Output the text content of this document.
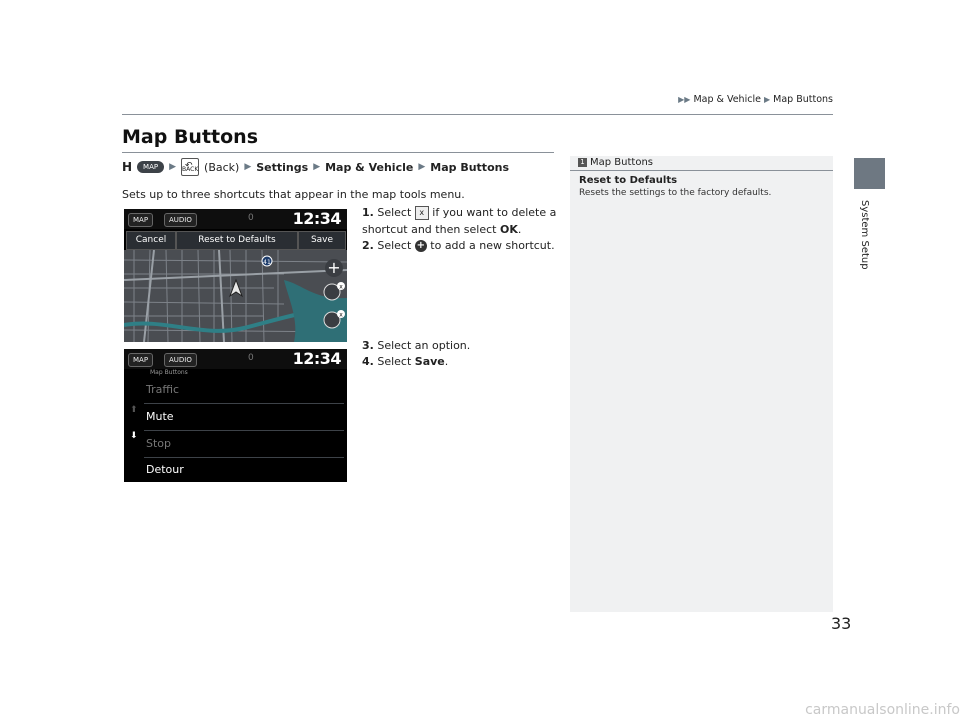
▶▶ Map & Vehicle ▶ Map Buttons
System Setup
Map Buttons
H	MAP	▶
↶ BACK (Back) ▶ Settings ▶ Map & Vehicle ▶ Map Buttons
Sets up to three shortcuts that appear in the map tools menu.
MAP	AUDIO	0 12:34
Cancel	Reset to Defaults	Save
41	+
x
x
MAP	AUDIO	0 12:34
Map Buttons
⬆
⬇
Traffic
Mute
Stop
Detour
1. Select x if you want to delete a shortcut and then select OK.
2. Select + to add a new shortcut.
3. Select an option.
4. Select Save.
1 Map Buttons
Reset to Defaults
Resets the settings to the factory defaults.
33
carmanualsonline.info
